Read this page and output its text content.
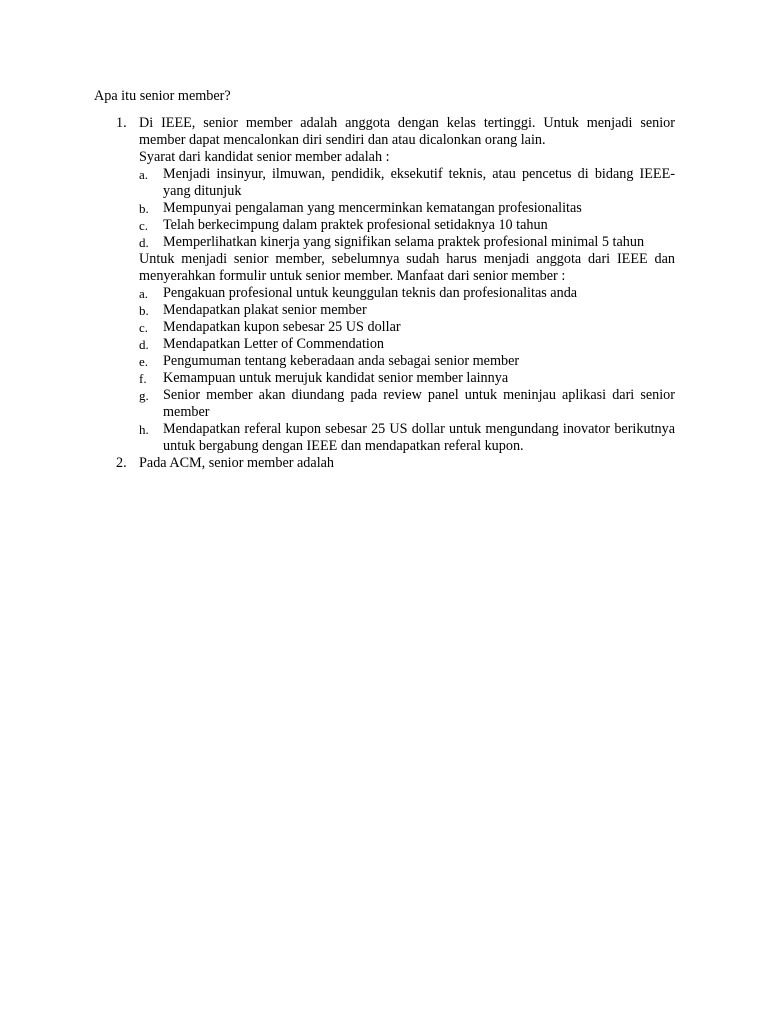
Apa itu senior member?
1. Di IEEE, senior member adalah anggota dengan kelas tertinggi. Untuk menjadi senior member dapat mencalonkan diri sendiri dan atau dicalonkan orang lain.
Syarat dari kandidat senior member adalah :
a. Menjadi insinyur, ilmuwan, pendidik, eksekutif teknis, atau pencetus di bidang IEEE-yang ditunjuk
b. Mempunyai pengalaman yang mencerminkan kematangan profesionalitas
c. Telah berkecimpung dalam praktek profesional setidaknya 10 tahun
d. Memperlihatkan kinerja yang signifikan selama praktek profesional minimal 5 tahun
Untuk menjadi senior member, sebelumnya sudah harus menjadi anggota dari IEEE dan menyerahkan formulir untuk senior member. Manfaat dari senior member :
a. Pengakuan profesional untuk keunggulan teknis dan profesionalitas anda
b. Mendapatkan plakat senior member
c. Mendapatkan kupon sebesar 25 US dollar
d. Mendapatkan Letter of Commendation
e. Pengumuman tentang keberadaan anda sebagai senior member
f. Kemampuan untuk merujuk kandidat senior member lainnya
g. Senior member akan diundang pada review panel untuk meninjau aplikasi dari senior member
h. Mendapatkan referal kupon sebesar 25 US dollar untuk mengundang inovator berikutnya untuk bergabung dengan IEEE dan mendapatkan referal kupon.
2. Pada ACM, senior member adalah
